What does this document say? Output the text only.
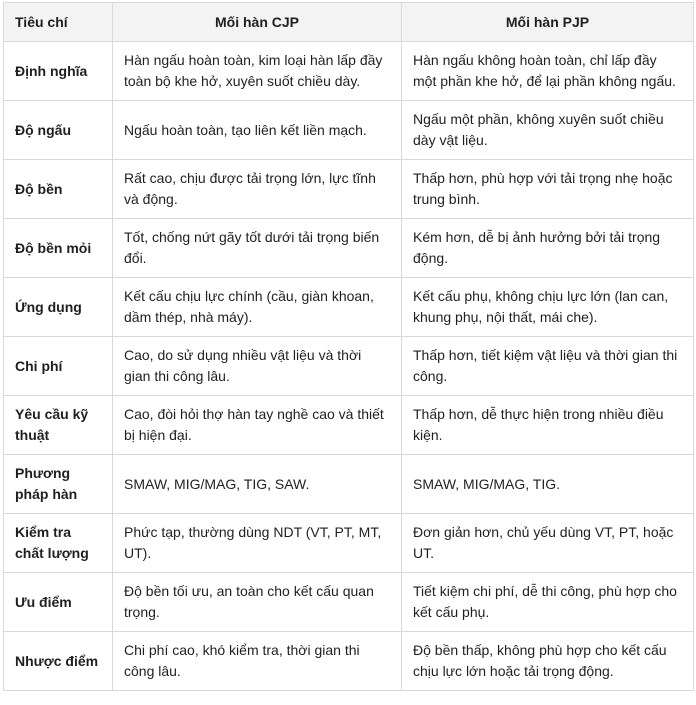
Tiêu chí	Mối hàn CJP	Mối hàn PJP
Định nghĩa	Hàn ngấu hoàn toàn, kim loại hàn lấp đầy toàn bộ khe hở, xuyên suốt chiều dày.	Hàn ngấu không hoàn toàn, chỉ lấp đầy một phần khe hở, để lại phần không ngấu.
Độ ngấu	Ngấu hoàn toàn, tạo liên kết liền mạch.	Ngấu một phần, không xuyên suốt chiều dày vật liệu.
Độ bền	Rất cao, chịu được tải trọng lớn, lực tĩnh và động.	Thấp hơn, phù hợp với tải trọng nhẹ hoặc trung bình.
Độ bền mỏi	Tốt, chống nứt gãy tốt dưới tải trọng biến đổi.	Kém hơn, dễ bị ảnh hưởng bởi tải trọng động.
Ứng dụng	Kết cấu chịu lực chính (cầu, giàn khoan, dầm thép, nhà máy).	Kết cấu phụ, không chịu lực lớn (lan can, khung phụ, nội thất, mái che).
Chi phí	Cao, do sử dụng nhiều vật liệu và thời gian thi công lâu.	Thấp hơn, tiết kiệm vật liệu và thời gian thi công.
Yêu cầu kỹ thuật	Cao, đòi hỏi thợ hàn tay nghề cao và thiết bị hiện đại.	Thấp hơn, dễ thực hiện trong nhiều điều kiện.
Phương pháp hàn	SMAW, MIG/MAG, TIG, SAW.	SMAW, MIG/MAG, TIG.
Kiểm tra chất lượng	Phức tạp, thường dùng NDT (VT, PT, MT, UT).	Đơn giản hơn, chủ yếu dùng VT, PT, hoặc UT.
Ưu điểm	Độ bền tối ưu, an toàn cho kết cấu quan trọng.	Tiết kiệm chi phí, dễ thi công, phù hợp cho kết cấu phụ.
Nhược điểm	Chi phí cao, khó kiểm tra, thời gian thi công lâu.	Độ bền thấp, không phù hợp cho kết cấu chịu lực lớn hoặc tải trọng động.
